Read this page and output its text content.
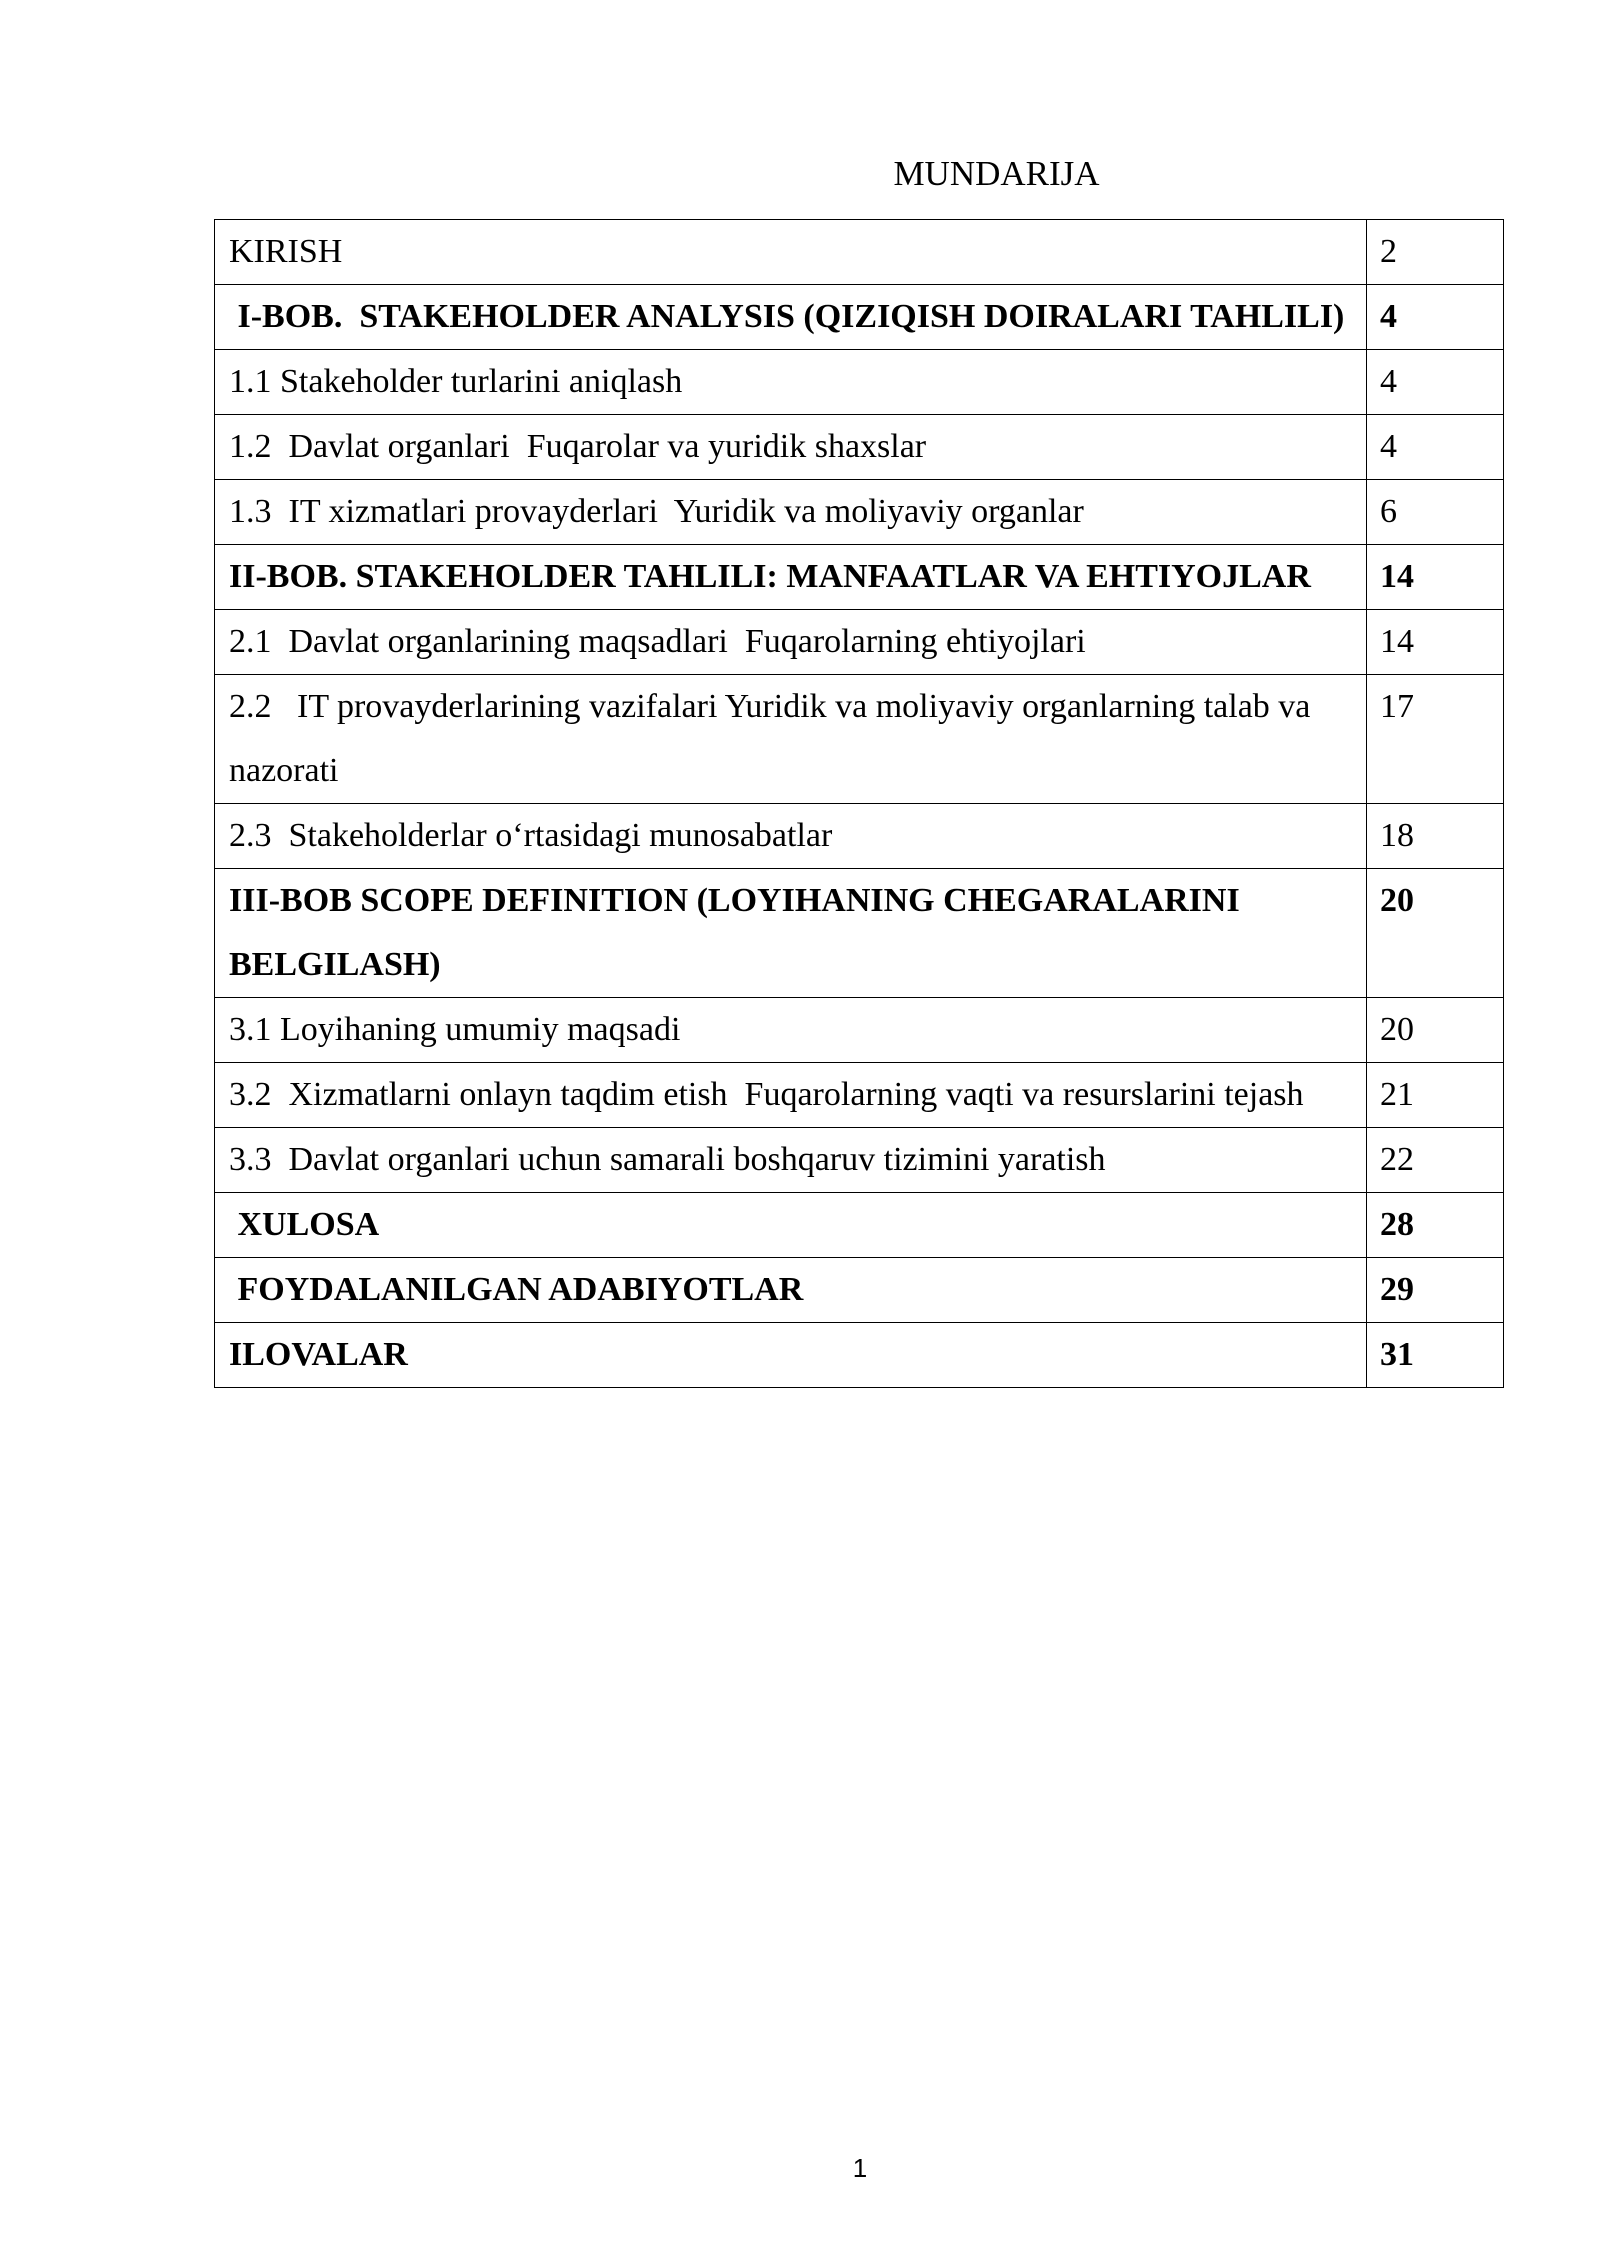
MUNDARIJA
KIRISH	2
I-BOB.  STAKEHOLDER ANALYSIS (QIZIQISH DOIRALARI TAHLILI)	4
1.1 Stakeholder turlarini aniqlash	4
1.2  Davlat organlari  Fuqarolar va yuridik shaxslar	4
1.3  IT xizmatlari provayderlari  Yuridik va moliyaviy organlar	6
II-BOB. STAKEHOLDER TAHLILI: MANFAATLAR VA EHTIYOJLAR	14
2.1  Davlat organlarining maqsadlari  Fuqarolarning ehtiyojlari	14
2.2   IT provayderlarining vazifalari Yuridik va moliyaviy organlarning talab va nazorati	17
2.3  Stakeholderlar o‘rtasidagi munosabatlar	18
III-BOB SCOPE DEFINITION (LOYIHANING CHEGARALARINI BELGILASH)	20
3.1 Loyihaning umumiy maqsadi	20
3.2  Xizmatlarni onlayn taqdim etish  Fuqarolarning vaqti va resurslarini tejash	21
3.3  Davlat organlari uchun samarali boshqaruv tizimini yaratish	22
XULOSA	28
FOYDALANILGAN ADABIYOTLAR	29
ILOVALAR	31
1
